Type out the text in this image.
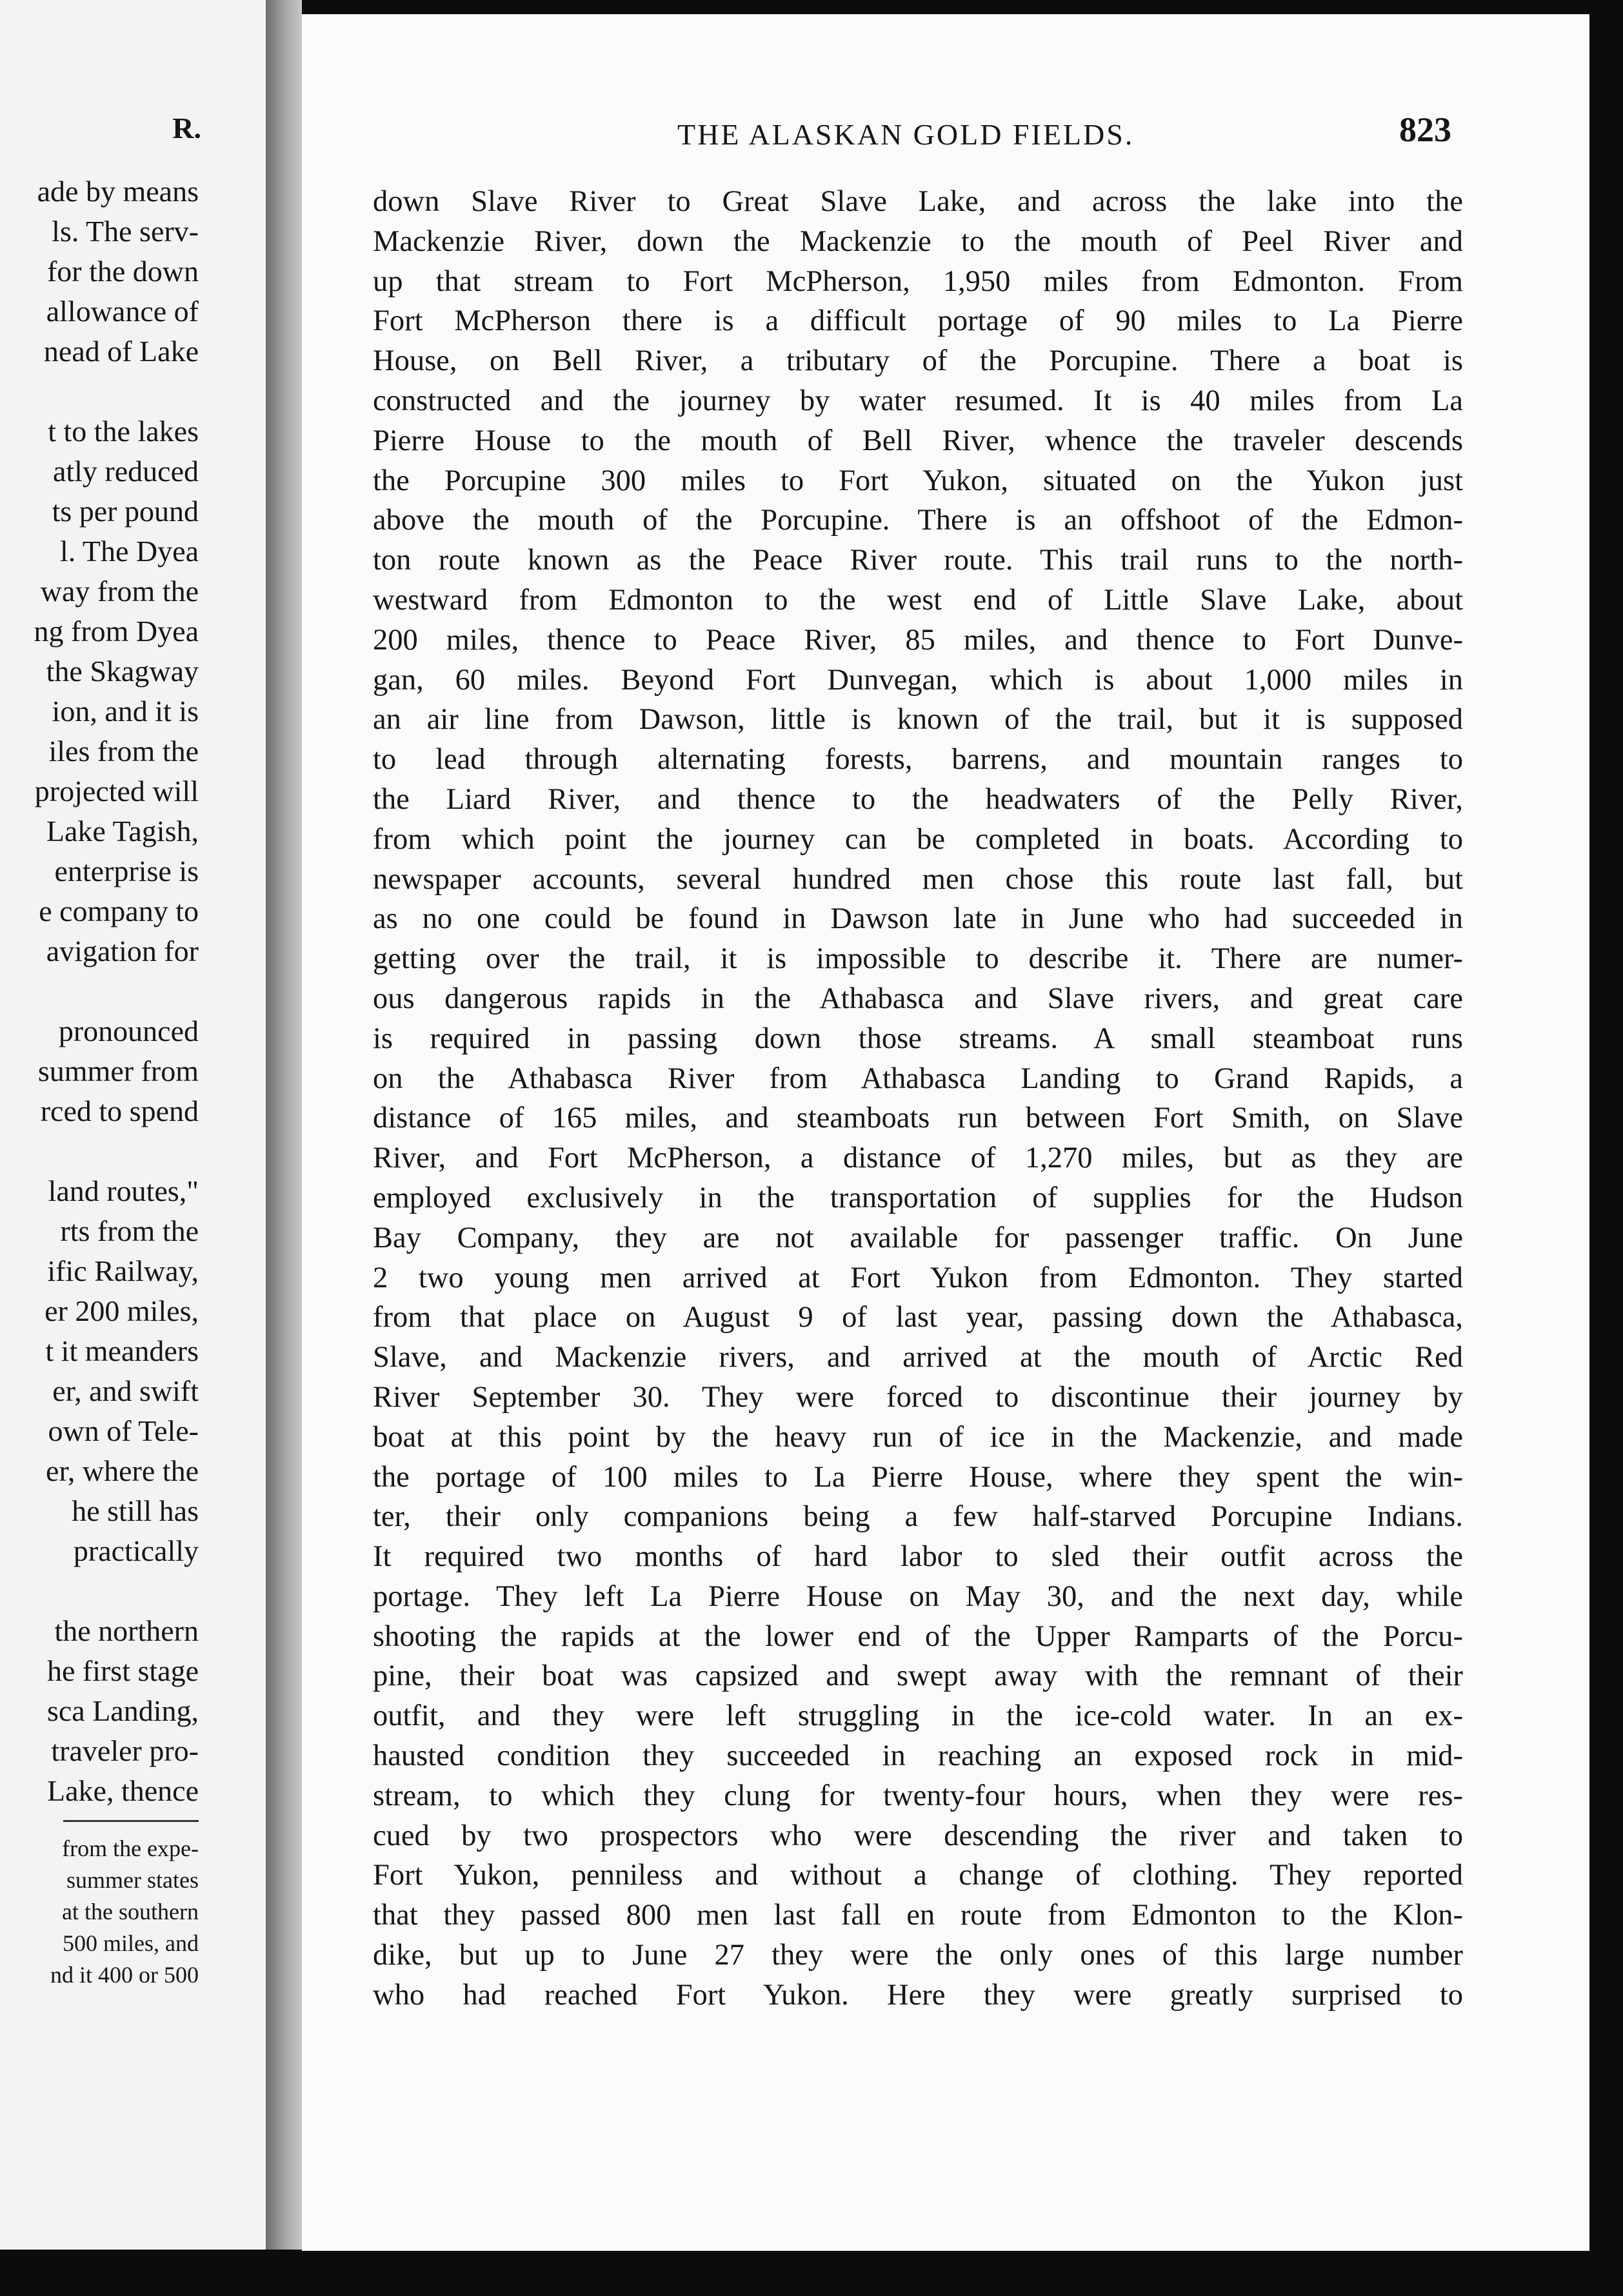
R.
ade by means
ls. The serv-
for the down
allowance of
nead of Lake

t to the lakes
atly reduced
ts per pound
l. The Dyea
way from the
ng from Dyea
the Skagway
ion, and it is
iles from the
projected will
Lake Tagish,
enterprise is
e company to
avigation for

pronounced
summer from
rced to spend

land routes,"
rts from the
ific Railway,
er 200 miles,
t it meanders
er, and swift
own of Tele-
er, where the
he still has
practically

the northern
he first stage
sca Landing,
traveler pro-
Lake, thence
from the expe-
summer states
at the southern
500 miles, and
nd it 400 or 500
THE ALASKAN GOLD FIELDS.	823
down Slave River to Great Slave Lake, and across the lake into the
Mackenzie River, down the Mackenzie to the mouth of Peel River and
up that stream to Fort McPherson, 1,950 miles from Edmonton. From
Fort McPherson there is a difficult portage of 90 miles to La Pierre
House, on Bell River, a tributary of the Porcupine. There a boat is
constructed and the journey by water resumed. It is 40 miles from La
Pierre House to the mouth of Bell River, whence the traveler descends
the Porcupine 300 miles to Fort Yukon, situated on the Yukon just
above the mouth of the Porcupine. There is an offshoot of the Edmon-
ton route known as the Peace River route. This trail runs to the north-
westward from Edmonton to the west end of Little Slave Lake, about
200 miles, thence to Peace River, 85 miles, and thence to Fort Dunve-
gan, 60 miles. Beyond Fort Dunvegan, which is about 1,000 miles in
an air line from Dawson, little is known of the trail, but it is supposed
to lead through alternating forests, barrens, and mountain ranges to
the Liard River, and thence to the headwaters of the Pelly River,
from which point the journey can be completed in boats. According to
newspaper accounts, several hundred men chose this route last fall, but
as no one could be found in Dawson late in June who had succeeded in
getting over the trail, it is impossible to describe it. There are numer-
ous dangerous rapids in the Athabasca and Slave rivers, and great care
is required in passing down those streams. A small steamboat runs
on the Athabasca River from Athabasca Landing to Grand Rapids, a
distance of 165 miles, and steamboats run between Fort Smith, on Slave
River, and Fort McPherson, a distance of 1,270 miles, but as they are
employed exclusively in the transportation of supplies for the Hudson
Bay Company, they are not available for passenger traffic. On June
2 two young men arrived at Fort Yukon from Edmonton. They started
from that place on August 9 of last year, passing down the Athabasca,
Slave, and Mackenzie rivers, and arrived at the mouth of Arctic Red
River September 30. They were forced to discontinue their journey by
boat at this point by the heavy run of ice in the Mackenzie, and made
the portage of 100 miles to La Pierre House, where they spent the win-
ter, their only companions being a few half-starved Porcupine Indians.
It required two months of hard labor to sled their outfit across the
portage. They left La Pierre House on May 30, and the next day, while
shooting the rapids at the lower end of the Upper Ramparts of the Porcu-
pine, their boat was capsized and swept away with the remnant of their
outfit, and they were left struggling in the ice-cold water. In an ex-
hausted condition they succeeded in reaching an exposed rock in mid-
stream, to which they clung for twenty-four hours, when they were res-
cued by two prospectors who were descending the river and taken to
Fort Yukon, penniless and without a change of clothing. They reported
that they passed 800 men last fall en route from Edmonton to the Klon-
dike, but up to June 27 they were the only ones of this large number
who had reached Fort Yukon. Here they were greatly surprised to
